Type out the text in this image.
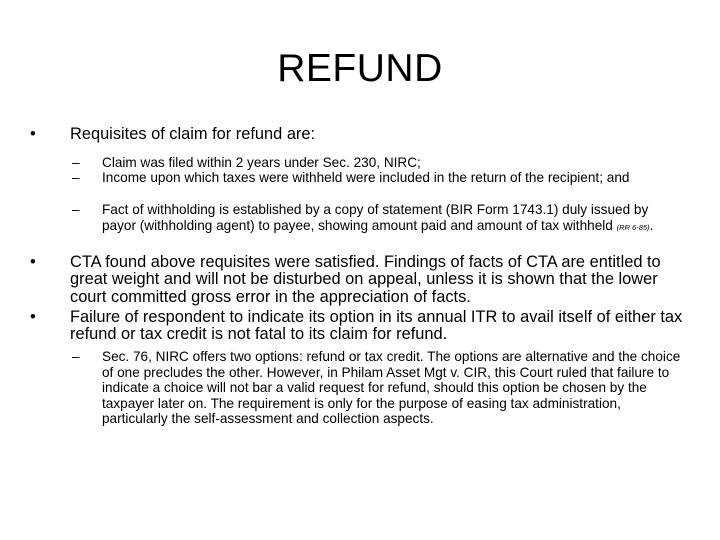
REFUND
• Requisites of claim for refund are:
– Claim was filed within 2 years under Sec. 230, NIRC;
– Income upon which taxes were withheld were included in the return of the recipient; and
– Fact of withholding is established by a copy of statement (BIR Form 1743.1) duly issued by payor (withholding agent) to payee, showing amount paid and amount of tax withheld (RR 6-85).
• CTA found above requisites were satisfied. Findings of facts of CTA are entitled to great weight and will not be disturbed on appeal, unless it is shown that the lower court committed gross error in the appreciation of facts.
• Failure of respondent to indicate its option in its annual ITR to avail itself of either tax refund or tax credit is not fatal to its claim for refund.
– Sec. 76, NIRC offers two options: refund or tax credit. The options are alternative and the choice of one precludes the other. However, in Philam Asset Mgt v. CIR, this Court ruled that failure to indicate a choice will not bar a valid request for refund, should this option be chosen by the taxpayer later on. The requirement is only for the purpose of easing tax administration, particularly the self-assessment and collection aspects.
